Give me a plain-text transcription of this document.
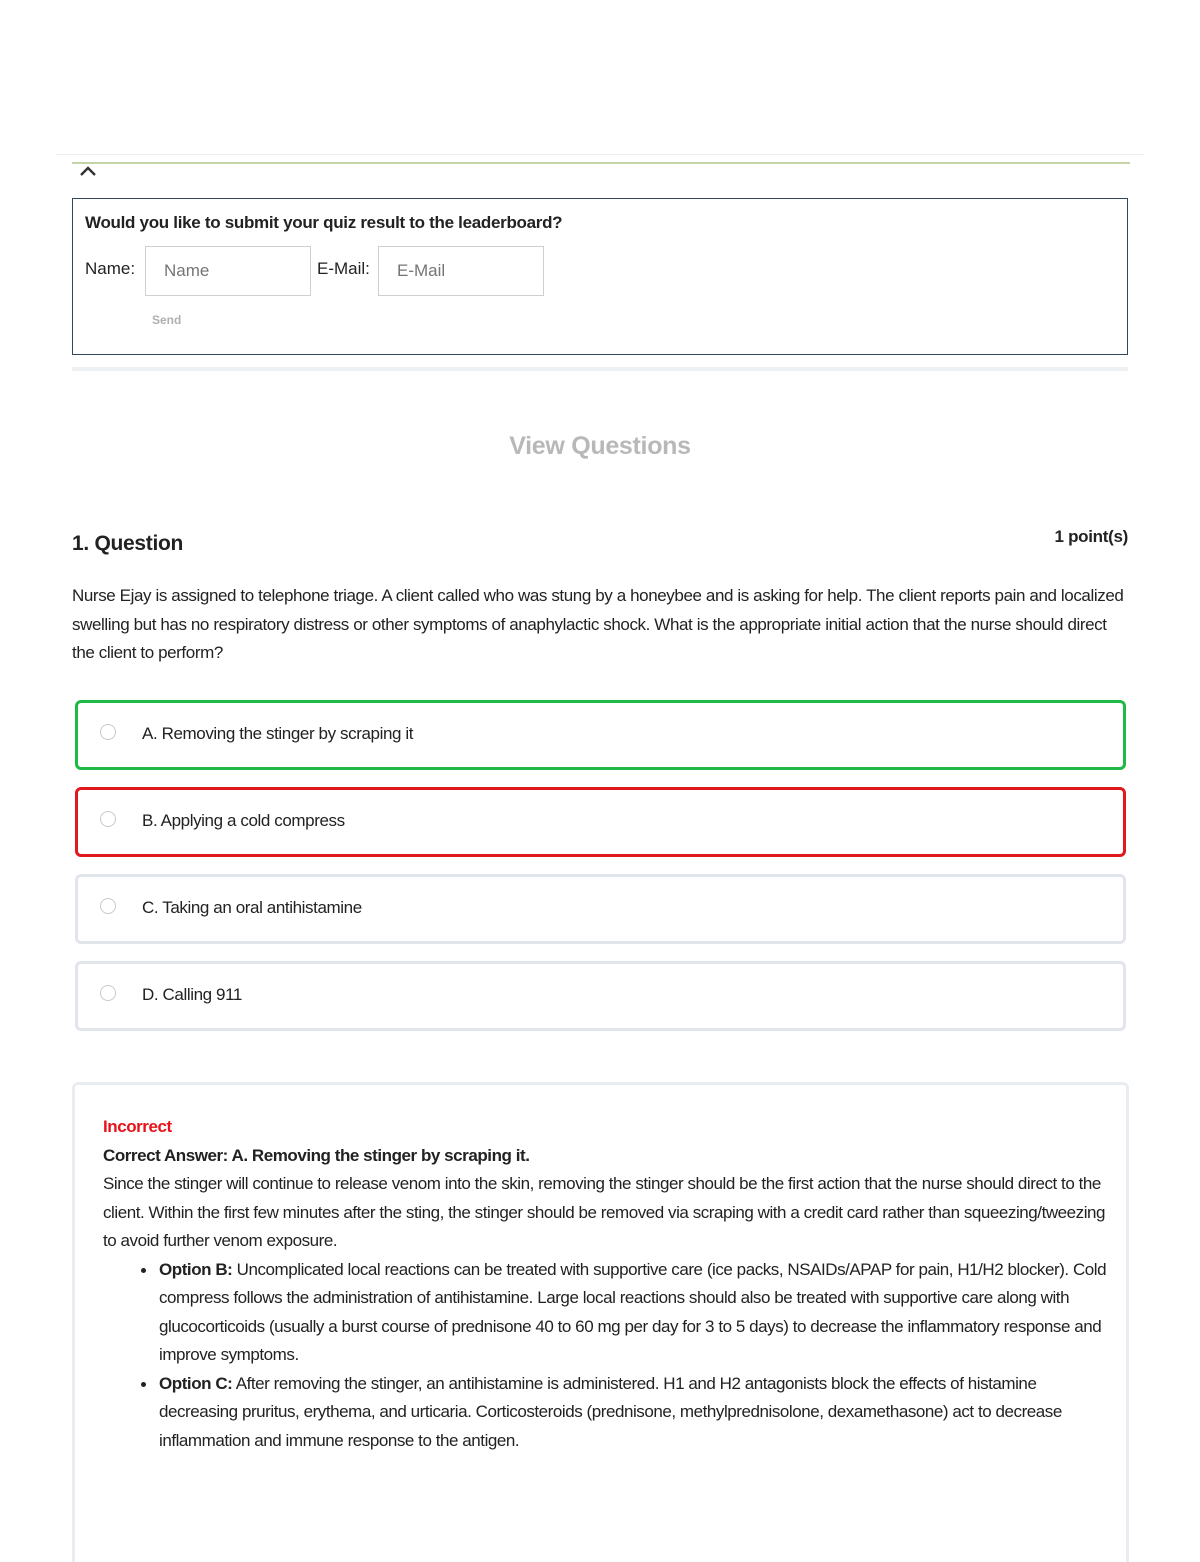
Would you like to submit your quiz result to the leaderboard?
Name:
Name	E-Mail:
E-Mail
Send
View Questions
1. Question	1 point(s)
Nurse Ejay is assigned to telephone triage. A client called who was stung by a honeybee and is asking for help. The client reports pain and localized swelling but has no respiratory distress or other symptoms of anaphylactic shock. What is the appropriate initial action that the nurse should direct the client to perform?
A. Removing the stinger by scraping it
B. Applying a cold compress
C. Taking an oral antihistamine
D. Calling 911
Incorrect
Correct Answer: A. Removing the stinger by scraping it.
Since the stinger will continue to release venom into the skin, removing the stinger should be the first action that the nurse should direct to the client. Within the first few minutes after the sting, the stinger should be removed via scraping with a credit card rather than squeezing/tweezing to avoid further venom exposure.
Option B: Uncomplicated local reactions can be treated with supportive care (ice packs, NSAIDs/APAP for pain, H1/H2 blocker). Cold compress follows the administration of antihistamine. Large local reactions should also be treated with supportive care along with glucocorticoids (usually a burst course of prednisone 40 to 60 mg per day for 3 to 5 days) to decrease the inflammatory response and improve symptoms.
Option C: After removing the stinger, an antihistamine is administered. H1 and H2 antagonists block the effects of histamine decreasing pruritus, erythema, and urticaria. Corticosteroids (prednisone, methylprednisolone, dexamethasone) act to decrease inflammation and immune response to the antigen.
